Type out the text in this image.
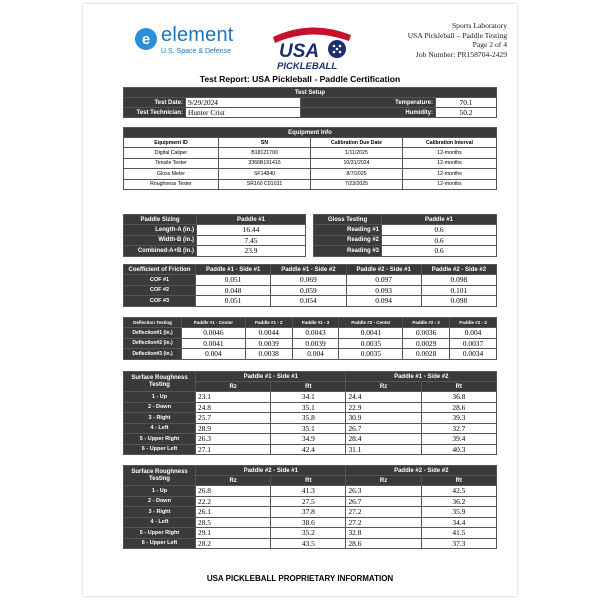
e element
U.S. Space & Defense	USA
PICKLEBALL
Sports Laboratory
USA Pickleball – Paddle Testing
Page 2 of 4
Job Number: PR158704-2429
Test Report: USA Pickleball - Paddle Certification
Test Setup			
Test Date:	9/29/2024	Temperature:	70.1
Test Technician:	Hunter Crist	Humidity:	50.2
Equipment Info			
Equipment ID	SN	Calibration Due Date	Calibration Interval
Digital Caliper	B18121700	1/11/2025	12-months
Tensile Tester	3366B191416	10/31/2024	12-months
Gloss Meter	SF14840	8/7/2025	12-months
Roughness Tester	SR160 C01031	7/23/2025	12-months
Paddle Sizing	Paddle #1
Length-A (in.)	16.44
Width-B (in.)	7.45
Combined-A+B (in.)	23.9
Gloss Testing	Paddle #1
Reading #1	0.6
Reading #2	0.6
Reading #3	0.6
Coefficient of Friction	Paddle #1 - Side #1	Paddle #1 - Side #2	Paddle #2 - Side #1	Paddle #2 - Side #2
COF #1	0.051	0.069	0.097	0.098
COF #2	0.048	0.059	0.093	0.101
COF #3	0.051	0.054	0.094	0.098
Deflection Testing	Paddle #1 - Center	Paddle #1 - 2	Paddle #1 - 3	Paddle #2 - Center	Paddle #2 - 2	Paddle #2 - 3
Deflection#1 (in.)	0.0046	0.0044	0.0043	0.0041	0.0036	0.004
Deflection#2 (in.)	0.0041	0.0039	0.0039	0.0035	0.0029	0.0037
Deflection#3 (in.)	0.004	0.0038	0.004	0.0035	0.0028	0.0034
Surface Roughness Testing	Paddle #1 - Side #1		Paddle #1 - Side #2	
	Rz	Rt	Rz	Rt
1 - Up	23.1	34.1	24.4	36.8
2 - Down	24.8	35.1	22.9	28.6
3 - Right	25.7	35.8	30.9	39.3
4 - Left	28.9	35.1	26.7	32.7
5 - Upper Right	26.3	34.9	28.4	39.4
6 - Upper Left	27.1	42.4	31.1	40.3
Surface Roughness Testing	Paddle #2 - Side #1		Paddle #2 - Side #2	
	Rz	Rt	Rz	Rt
1 - Up	26.8	41.3	26.3	42.5
2 - Down	22.2	27.5	26.7	36.2
3 - Right	26.1	37.8	27.2	35.9
4 - Left	28.5	38.6	27.2	34.4
5 - Upper Right	29.1	35.2	32.8	41.5
6 - Upper Left	28.2	43.5	28.6	37.3
USA PICKLEBALL PROPRIETARY INFORMATION
